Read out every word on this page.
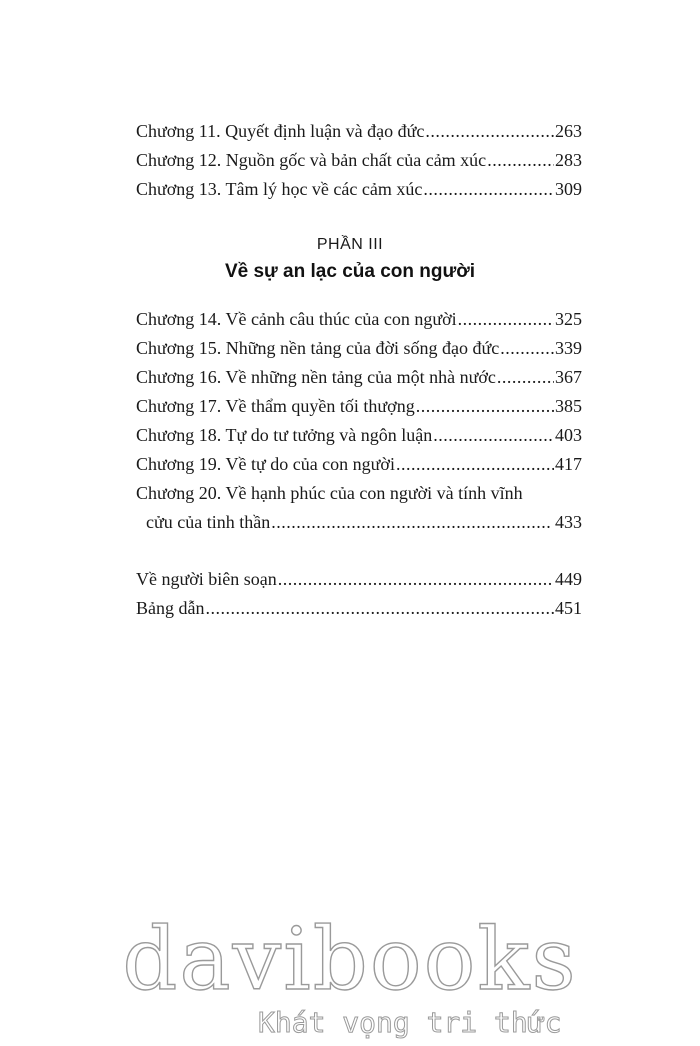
Chương 11. Quyết định luận và đạo đức .....	263
Chương 12. Nguồn gốc và bản chất của cảm xúc .....	283
Chương 13. Tâm lý học về các cảm xúc .....	309
PHẦN III
Về sự an lạc của con người
Chương 14. Về cảnh câu thúc của con người .....	325
Chương 15. Những nền tảng của đời sống đạo đức .....	339
Chương 16. Về những nền tảng của một nhà nước .....	367
Chương 17. Về thẩm quyền tối thượng .....	385
Chương 18. Tự do tư tưởng và ngôn luận .....	403
Chương 19. Về tự do của con người .....	417
Chương 20. Về hạnh phúc của con người và tính vĩnh
cửu của tinh thần .....	433
Về người biên soạn .....	449
Bảng dẫn .....	451
davibooks
Khát vọng tri thức
